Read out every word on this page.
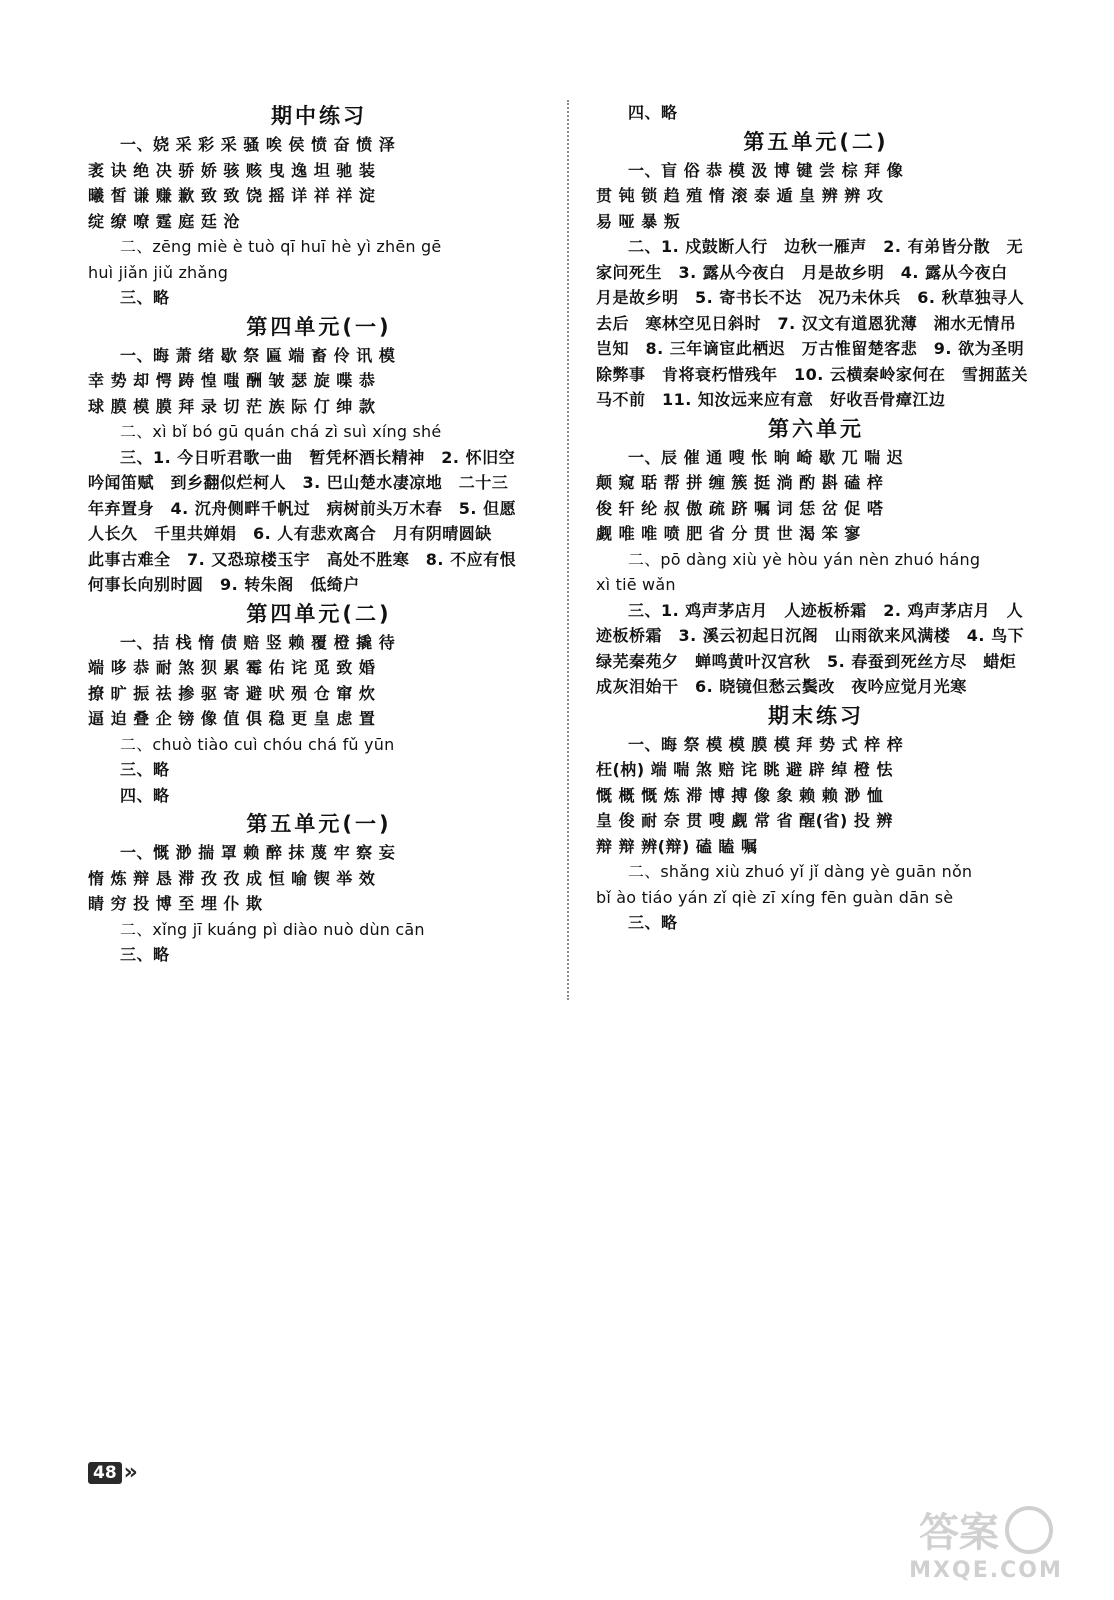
期中练习
一、娆 采 彩 采 骚 唉 侯 愤 奋 愤 泽
袤 诀 绝 决 骄 娇 骇 赅 曳 逸 坦 驰 装
曦 皙 谦 赚 歉 致 致 饶 摇 详 祥 祥 淀
绽 缭 嘹 霆 庭 廷 沧
二、zēng miè è tuò qī huī hè yì zhēn gē
huì jiǎn jiǔ zhǎng
三、略
第四单元(一)
一、晦 萧 绪 歇 祭 匾 端 畜 伶 讯 模
幸 势 却 愕 踌 惶 嗤 酬 皱 瑟 旋 喋 恭
球 膜 模 膜 拜 录 切 茫 族 际 仃 绅 款
二、xì bǐ bó gū quán chá zì suì xíng shé
三、1. 今日听君歌一曲　暂凭杯酒长精神　2. 怀旧空
吟闻笛赋　到乡翻似烂柯人　3. 巴山楚水凄凉地　二十三
年弃置身　4. 沉舟侧畔千帆过　病树前头万木春　5. 但愿
人长久　千里共婵娟　6. 人有悲欢离合　月有阴晴圆缺
此事古难全　7. 又恐琼楼玉宇　高处不胜寒　8. 不应有恨
何事长向别时圆　9. 转朱阁　低绮户
第四单元(二)
一、拮 栈 惰 债 赔 竖 赖 覆 橙 撬 待
端 哆 恭 耐 煞 狈 累 霉 佑 诧 觅 致 婚
撩 旷 振 祛 掺 驱 寄 避 吠 殒 仓 窜 炊
逼 迫 叠 企 镑 像 值 俱 稳 更 皇 虑 置
二、chuò tiào cuì chóu chá fǔ yūn
三、略
四、略
第五单元(一)
一、慨 渺 揣 罩 赖 醉 抹 蔑 牢 察 妄
惰 炼 辩 恳 滞 孜 孜 成 恒 喻 锲 举 效
睛 穷 投 博 至 埋 仆 欺
二、xǐng jī kuáng pì diào nuò dùn cān
三、略
四、略
第五单元(二)
一、盲 俗 恭 模 汲 博 键 尝 棕 拜 像
贯 钝 锁 趋 殖 惰 滚 泰 遁 皇 辨 辨 攻
易 哑 暴 叛
二、1. 戍鼓断人行　边秋一雁声　2. 有弟皆分散　无
家问死生　3. 露从今夜白　月是故乡明　4. 露从今夜白
月是故乡明　5. 寄书长不达　况乃未休兵　6. 秋草独寻人
去后　寒林空见日斜时　7. 汉文有道恩犹薄　湘水无情吊
岂知　8. 三年谪宦此栖迟　万古惟留楚客悲　9. 欲为圣明
除弊事　肯将衰朽惜残年　10. 云横秦岭家何在　雪拥蓝关
马不前　11. 知汝远来应有意　好收吾骨瘴江边
第六单元
一、辰 催 通 嗖 怅 晌 崎 歇 兀 喘 迟
颠 窥 聒 帮 拼 缠 簇 挺 淌 酌 斟 磕 梓
俊 轩 纶 叔 傲 疏 跻 嘱 词 恁 岔 促 嗒
觑 唯 唯 喷 肥 省 分 贯 世 渴 笨 寥
二、pō dàng xiù yè hòu yán nèn zhuó háng
xì tiē wǎn
三、1. 鸡声茅店月　人迹板桥霜　2. 鸡声茅店月　人
迹板桥霜　3. 溪云初起日沉阁　山雨欲来风满楼　4. 鸟下
绿芜秦苑夕　蝉鸣黄叶汉宫秋　5. 春蚕到死丝方尽　蜡炬
成灰泪始干　6. 晓镜但愁云鬓改　夜吟应觉月光寒
期末练习
一、晦 祭 模 模 膜 模 拜 势 式 梓 梓
枉(枘) 端 喘 煞 赔 诧 眺 避 辟 绰 橙 怯
慨 概 慨 炼 滞 博 搏 像 象 赖 赖 渺 恤
皇 俊 耐 奈 贯 嗖 觑 常 省 醒(省) 投 辨
辩 辩 辨(辩) 磕 瞌 嘱
二、shǎng xiù zhuó yǐ jǐ dàng yè guān nǒn
bǐ ào tiáo yán zǐ qiè zī xíng fēn guàn dān sè
三、略
48 »
答案
MXQE.COM
